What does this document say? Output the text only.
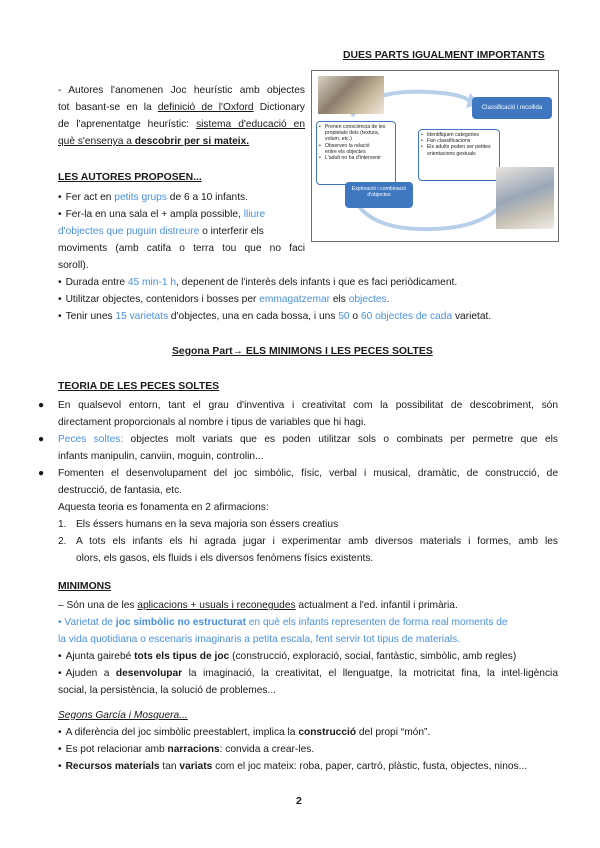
DUES PARTS IGUALMENT IMPORTANTS
- Autores l'anomenen Joc heurístic amb objectes
tot basant-se en la definició de l'Oxford Dictionary
de l'aprenentatge heurístic: sistema d'educació en
què s'ensenya a descobrir per si mateix.
• Prenen consciència de les
propietats dels (textura,
volum, etc.)
• Observen la relació
entre els objectes
• L'adult no ha d'intervenir
Exploració i combinació
d'objectes
Classificació i recollida
• Identifiquen categories
• Fan classificacions
• Els adults poden ser petites
orientacions gestuals
LES AUTORES PROPOSEN...
• Fer act en petits grups de 6 a 10 infants.
• Fer-la en una sala el + ampla possible, lliure
d'objectes que puguin distreure o interferir els
moviments (amb catifa o terra tou que no faci
soroll).
• Durada entre 45 min-1 h, depenent de l'interès dels infants i que es faci periòdicament.
• Utilitzar objectes, contenidors i bosses per emmagatzemar els objectes.
• Tenir unes 15 varietats d'objectes, una en cada bossa, i uns 50 o 60 objectes de cada varietat.
Segona Part→ ELS MINIMONS I LES PECES SOLTES
TEORIA DE LES PECES SOLTES
● En qualsevol entorn, tant el grau d'inventiva i creativitat com la possibilitat de descobriment, són
directament proporcionals al nombre i tipus de variables que hi hagi.
● Peces soltes: objectes molt variats que es poden utilitzar sols o combinats per permetre que els
infants manipulin, canviin, moguin, controlin...
● Fomenten el desenvolupament del joc simbòlic, físic, verbal i musical, dramàtic, de construcció, de
destrucció, de fantasia, etc.
Aquesta teoria es fonamenta en 2 afirmacions:
1. Els éssers humans en la seva majoria son éssers creatius
2. A tots els infants els hi agrada jugar i experimentar amb diversos materials i formes, amb les
olors, els gasos, els fluids i els diversos fenòmens físics existents.
MINIMONS
– Són una de les aplicacions + usuals i reconegudes actualment a l'ed. infantil i primària.
• Varietat de joc simbòlic no estructurat en què els infants representen de forma real moments de
la vida quotidiana o escenaris imaginaris a petita escala, fent servir tot tipus de materials.
• Ajunta gairebé tots els tipus de joc (construcció, exploració, social, fantàstic, simbòlic, amb regles)
• Ajuden a desenvolupar la imaginació, la creativitat, el llenguatge, la motricitat fina, la intel·ligència
social, la persistència, la solució de problemes...
Segons García i Mosquera...
• A diferència del joc simbòlic preestablert, implica la construcció del propi “món”.
• Es pot relacionar amb narracions: convida a crear-les.
• Recursos materials tan variats com el joc mateix: roba, paper, cartró, plàstic, fusta, objectes, ninos...
2
